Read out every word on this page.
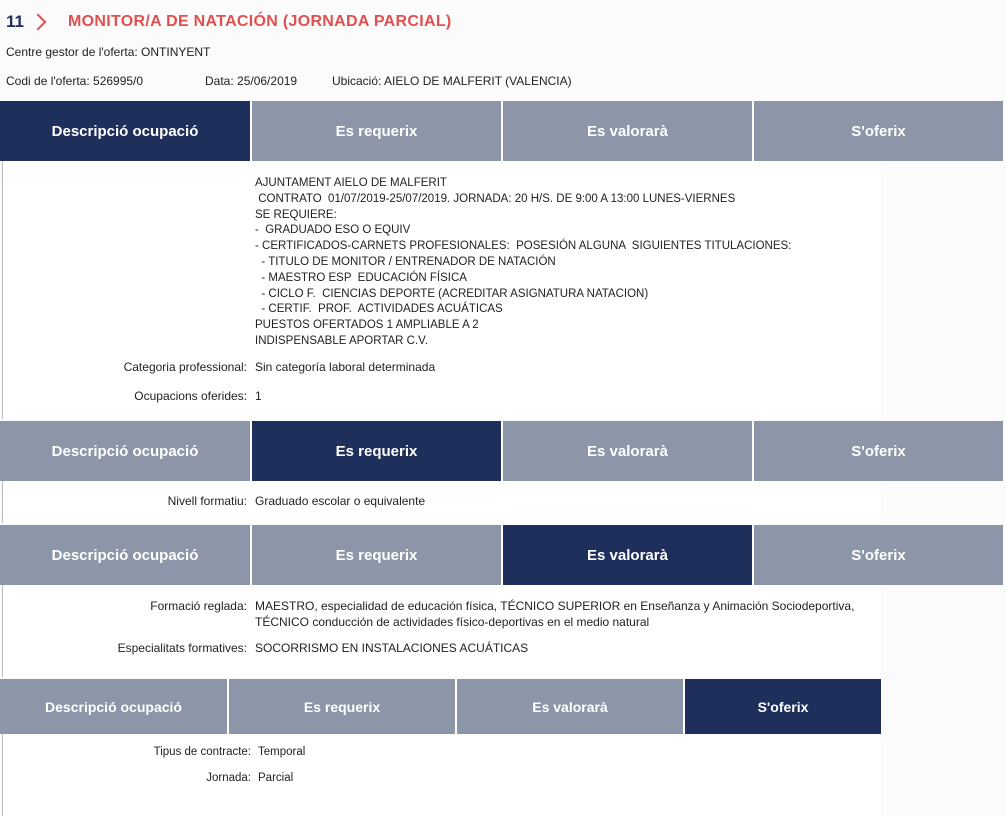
11	MONITOR/A DE NATACIÓN (JORNADA PARCIAL)
Centre gestor de l'oferta: ONTINYENT
Codi de l'oferta: 526995/0	Data: 25/06/2019	Ubicació: AIELO DE MALFERIT (VALENCIA)
Descripció ocupació	Es requerix	Es valorarà	S'oferix
AJUNTAMENT AIELO DE MALFERIT
CONTRATO  01/07/2019-25/07/2019. JORNADA: 20 H/S. DE 9:00 A 13:00 LUNES-VIERNES
SE REQUIERE:
-  GRADUADO ESO O EQUIV
- CERTIFICADOS-CARNETS PROFESIONALES:  POSESIÓN ALGUNA  SIGUIENTES TITULACIONES:
- TITULO DE MONITOR / ENTRENADOR DE NATACIÓN
- MAESTRO ESP  EDUCACIÓN FÍSICA
- CICLO F.  CIENCIAS DEPORTE (ACREDITAR ASIGNATURA NATACION)
- CERTIF.  PROF.  ACTIVIDADES ACUÁTICAS
PUESTOS OFERTADOS 1 AMPLIABLE A 2
INDISPENSABLE APORTAR C.V.
Categoria professional: Sin categoría laboral determinada
Ocupacions oferides: 1
Descripció ocupació	Es requerix	Es valorarà	S'oferix
Nivell formatiu: Graduado escolar o equivalente
Descripció ocupació	Es requerix	Es valorarà	S'oferix
Formació reglada: MAESTRO, especialidad de educación física, TÉCNICO SUPERIOR en Enseñanza y Animación Sociodeportiva, TÉCNICO conducción de actividades físico-deportivas en el medio natural
Especialitats formatives: SOCORRISMO EN INSTALACIONES ACUÁTICAS
Descripció ocupació	Es requerix	Es valorarà	S'oferix
Tipus de contracte: Temporal
Jornada: Parcial
